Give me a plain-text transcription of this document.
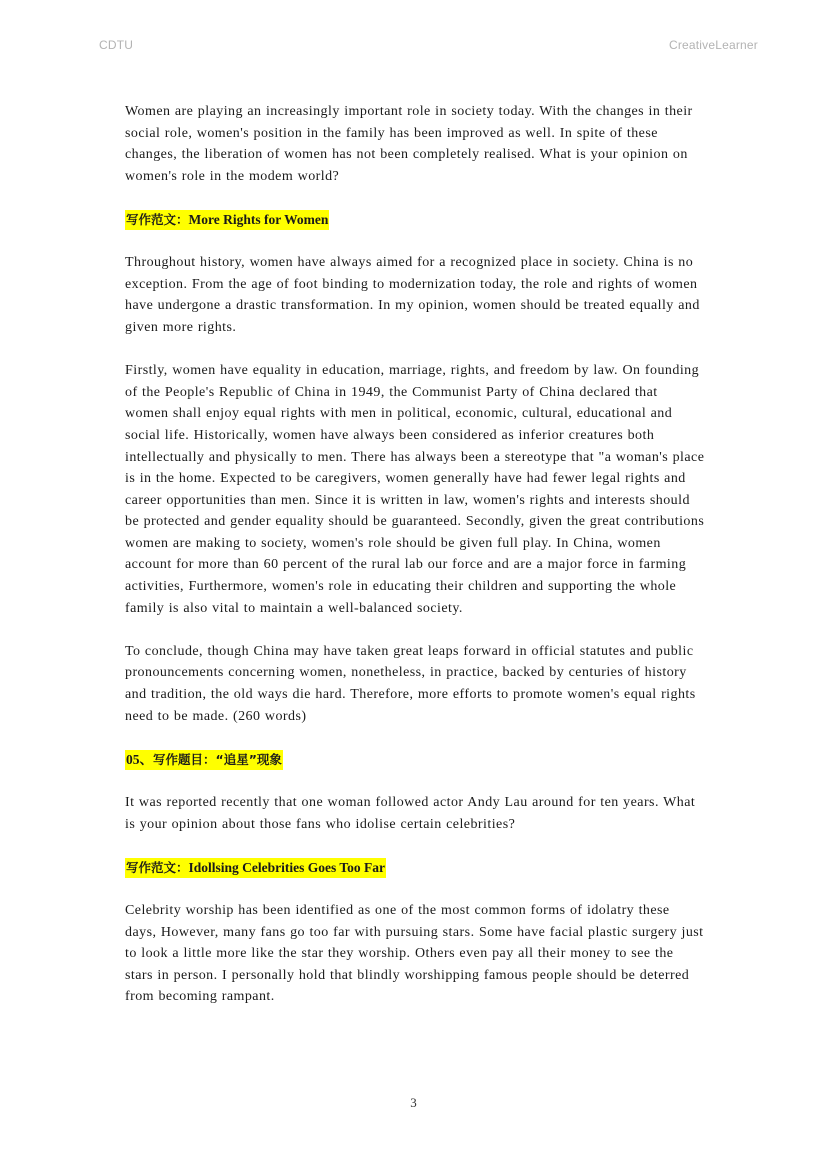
CDTU	CreativeLearner

Women are playing an increasingly important role in society today. With the changes in their social role, women's position in the family has been improved as well. In spite of these changes, the liberation of women has not been completely realised. What is your opinion on women's role in the modem world?

写作范文：More Rights for Women

Throughout history, women have always aimed for a recognized place in society. China is no exception. From the age of foot binding to modernization today, the role and rights of women have undergone a drastic transformation. In my opinion, women should be treated equally and given more rights.

Firstly, women have equality in education, marriage, rights, and freedom by law. On founding of the People's Republic of China in 1949, the Communist Party of China declared that women shall enjoy equal rights with men in political, economic, cultural, educational and social life. Historically, women have always been considered as inferior creatures both intellectually and physically to men. There has always been a stereotype that "a woman's place is in the home. Expected to be caregivers, women generally have had fewer legal rights and career opportunities than men. Since it is written in law, women's rights and interests should be protected and gender equality should be guaranteed. Secondly, given the great contributions women are making to society, women's role should be given full play. In China, women account for more than 60 percent of the rural lab our force and are a major force in farming activities, Furthermore, women's role in educating their children and supporting the whole family is also vital to maintain a well-balanced society.

To conclude, though China may have taken great leaps forward in official statutes and public pronouncements concerning women, nonetheless, in practice, backed by centuries of history and tradition, the old ways die hard. Therefore, more efforts to promote women's equal rights need to be made. (260 words)

05、写作题目：“追星”现象

It was reported recently that one woman followed actor Andy Lau around for ten years. What is your opinion about those fans who idolise certain celebrities?

写作范文：Idollsing Celebrities Goes Too Far

Celebrity worship has been identified as one of the most common forms of idolatry these days, However, many fans go too far with pursuing stars. Some have facial plastic surgery just to look a little more like the star they worship. Others even pay all their money to see the stars in person. I personally hold that blindly worshipping famous people should be deterred from becoming rampant.

3
